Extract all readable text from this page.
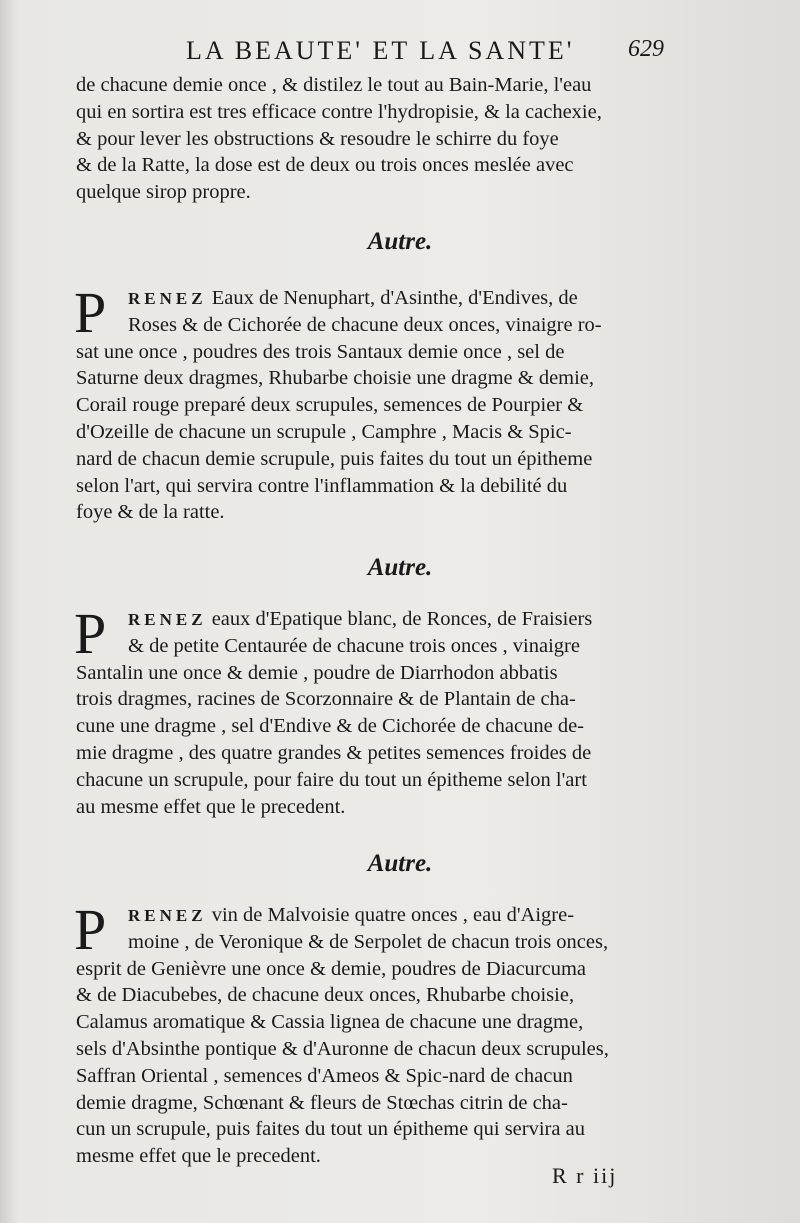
LA BEAUTE' ET LA SANTE' 629
de chacune demie once , & distilez le tout au Bain-Marie, l'eau
qui en sortira est tres efficace contre l'hydropisie, & la cachexie,
& pour lever les obstructions & resoudre le schirre du foye
& de la Ratte, la dose est de deux ou trois onces meslée avec
quelque sirop propre.
Autre.
P RENEZ Eaux de Nenuphart, d'Asinthe, d'Endives, de
Roses & de Cichorée de chacune deux onces, vinaigre ro-
sat une once , poudres des trois Santaux demie once , sel de
Saturne deux dragmes, Rhubarbe choisie une dragme & demie,
Corail rouge preparé deux scrupules, semences de Pourpier &
d'Ozeille de chacune un scrupule , Camphre , Macis & Spic-
nard de chacun demie scrupule, puis faites du tout un épitheme
selon l'art, qui servira contre l'inflammation & la debilité du
foye & de la ratte.
Autre.
P RENEZ eaux d'Epatique blanc, de Ronces, de Fraisiers
& de petite Centaurée de chacune trois onces , vinaigre
Santalin une once & demie , poudre de Diarrhodon abbatis
trois dragmes, racines de Scorzonnaire & de Plantain de cha-
cune une dragme , sel d'Endive & de Cichorée de chacune de-
mie dragme , des quatre grandes & petites semences froides de
chacune un scrupule, pour faire du tout un épitheme selon l'art
au mesme effet que le precedent.
Autre.
P RENEZ vin de Malvoisie quatre onces , eau d'Aigre-
moine , de Veronique & de Serpolet de chacun trois onces,
esprit de Genièvre une once & demie, poudres de Diacurcuma
& de Diacubebes, de chacune deux onces, Rhubarbe choisie,
Calamus aromatique & Cassia lignea de chacune une dragme,
sels d'Absinthe pontique & d'Auronne de chacun deux scrupules,
Saffran Oriental , semences d'Ameos & Spic-nard de chacun
demie dragme, Schœnant & fleurs de Stœchas citrin de cha-
cun un scrupule, puis faites du tout un épitheme qui servira au
mesme effet que le precedent.
R r iij
